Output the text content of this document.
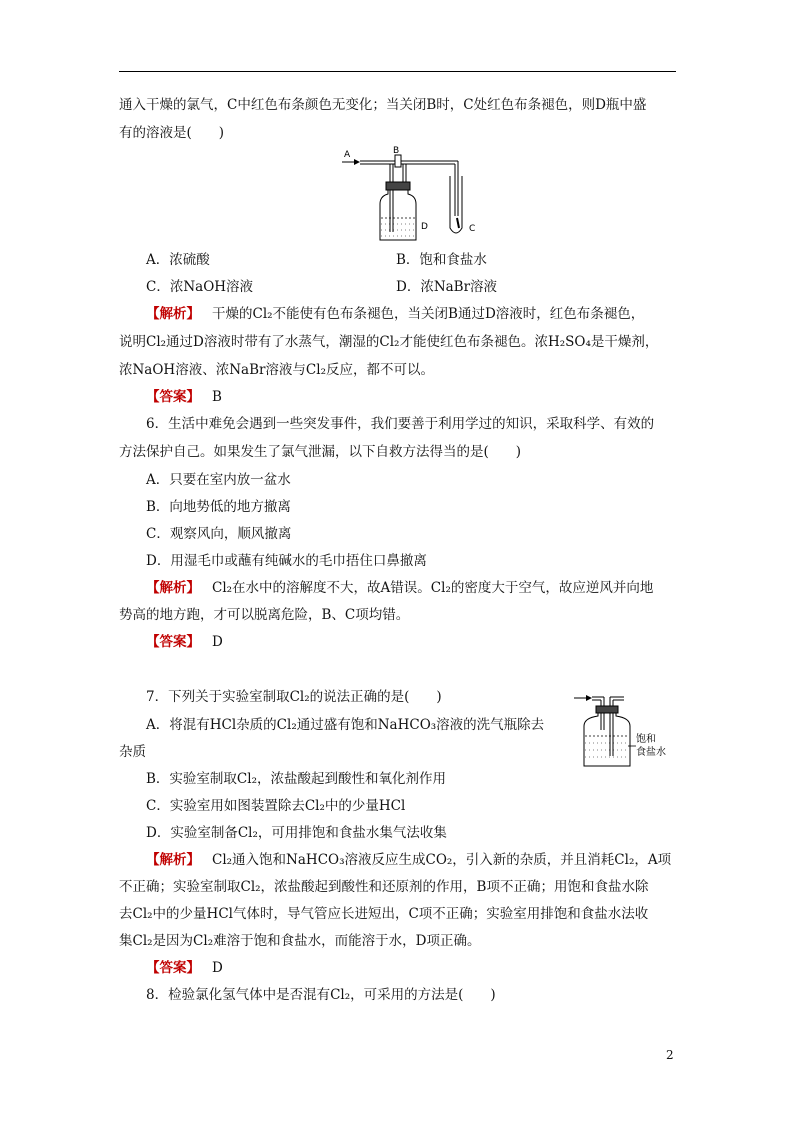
通入干燥的氯气，C中红色布条颜色无变化；当关闭B时，C处红色布条褪色，则D瓶中盛
有的溶液是(　　)
A	B
D	C
A．浓硫酸	B．饱和食盐水
C．浓NaOH溶液	D．浓NaBr溶液
【解析】 干燥的Cl₂不能使有色布条褪色，当关闭B通过D溶液时，红色布条褪色，
说明Cl₂通过D溶液时带有了水蒸气，潮湿的Cl₂才能使红色布条褪色。浓H₂SO₄是干燥剂，
浓NaOH溶液、浓NaBr溶液与Cl₂反应，都不可以。
【答案】 B
6．生活中难免会遇到一些突发事件，我们要善于利用学过的知识，采取科学、有效的
方法保护自己。如果发生了氯气泄漏，以下自救方法得当的是(　　)
A．只要在室内放一盆水
B．向地势低的地方撤离
C．观察风向，顺风撤离
D．用湿毛巾或蘸有纯碱水的毛巾捂住口鼻撤离
【解析】 Cl₂在水中的溶解度不大，故A错误。Cl₂的密度大于空气，故应逆风并向地
势高的地方跑，才可以脱离危险，B、C项均错。
【答案】 D
7．下列关于实验室制取Cl₂的说法正确的是(　　)
A．将混有HCl杂质的Cl₂通过盛有饱和NaHCO₃溶液的洗气瓶除去
杂质
B．实验室制取Cl₂，浓盐酸起到酸性和氧化剂作用
C．实验室用如图装置除去Cl₂中的少量HCl
D．实验室制备Cl₂，可用排饱和食盐水集气法收集
饱和
食盐水
【解析】 Cl₂通入饱和NaHCO₃溶液反应生成CO₂，引入新的杂质，并且消耗Cl₂，A项
不正确；实验室制取Cl₂，浓盐酸起到酸性和还原剂的作用，B项不正确；用饱和食盐水除
去Cl₂中的少量HCl气体时，导气管应长进短出，C项不正确；实验室用排饱和食盐水法收
集Cl₂是因为Cl₂难溶于饱和食盐水，而能溶于水，D项正确。
【答案】 D
8．检验氯化氢气体中是否混有Cl₂，可采用的方法是(　　)
2
